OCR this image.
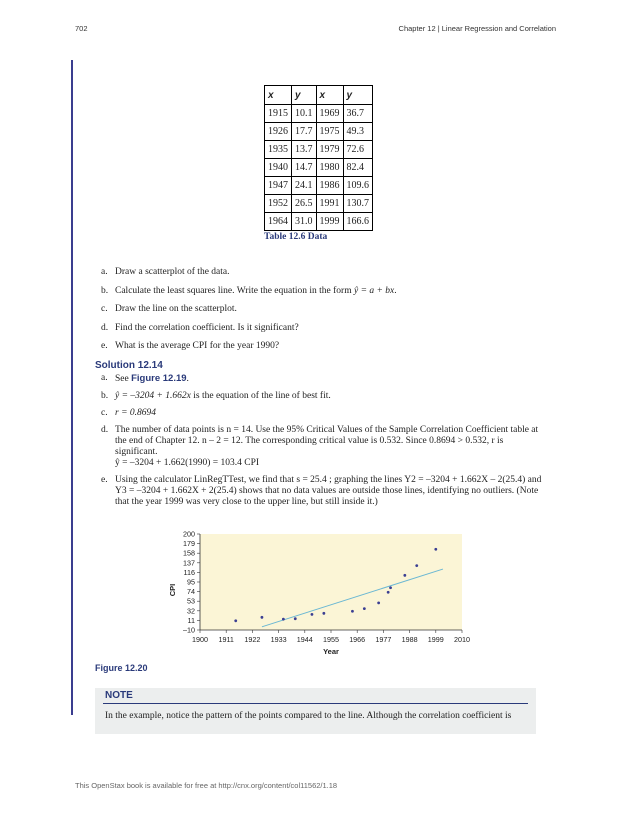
702	Chapter 12 | Linear Regression and Correlation
x	y	x	y
1915	10.1	1969	36.7
1926	17.7	1975	49.3
1935	13.7	1979	72.6
1940	14.7	1980	82.4
1947	24.1	1986	109.6
1952	26.5	1991	130.7
1964	31.0	1999	166.6
Table 12.6 Data
a. Draw a scatterplot of the data.
b. Calculate the least squares line. Write the equation in the form ŷ = a + bx.
c. Draw the line on the scatterplot.
d. Find the correlation coefficient. Is it significant?
e. What is the average CPI for the year 1990?
Solution 12.14
a. See Figure 12.19.
b. ŷ = –3204 + 1.662x is the equation of the line of best fit.
c. r = 0.8694
d. The number of data points is n = 14. Use the 95% Critical Values of the Sample Correlation Coefficient table at the end of Chapter 12. n – 2 = 12. The corresponding critical value is 0.532. Since 0.8694 > 0.532, r is significant.
ŷ = –3204 + 1.662(1990) = 103.4 CPI
e. Using the calculator LinRegTTest, we find that s = 25.4 ; graphing the lines Y2 = –3204 + 1.662X – 2(25.4) and Y3 = –3204 + 1.662X + 2(25.4) shows that no data values are outside those lines, identifying no outliers. (Note that the year 1999 was very close to the upper line, but still inside it.)
1900 1911 1922 1933 1944 1955 1966 1977 1988 1999 2010
200
179
158
137
116
95
74
53
32
11
–10
Year
CPI
Figure 12.20
NOTE
In the example, notice the pattern of the points compared to the line. Although the correlation coefficient is
This OpenStax book is available for free at http://cnx.org/content/col11562/1.18
